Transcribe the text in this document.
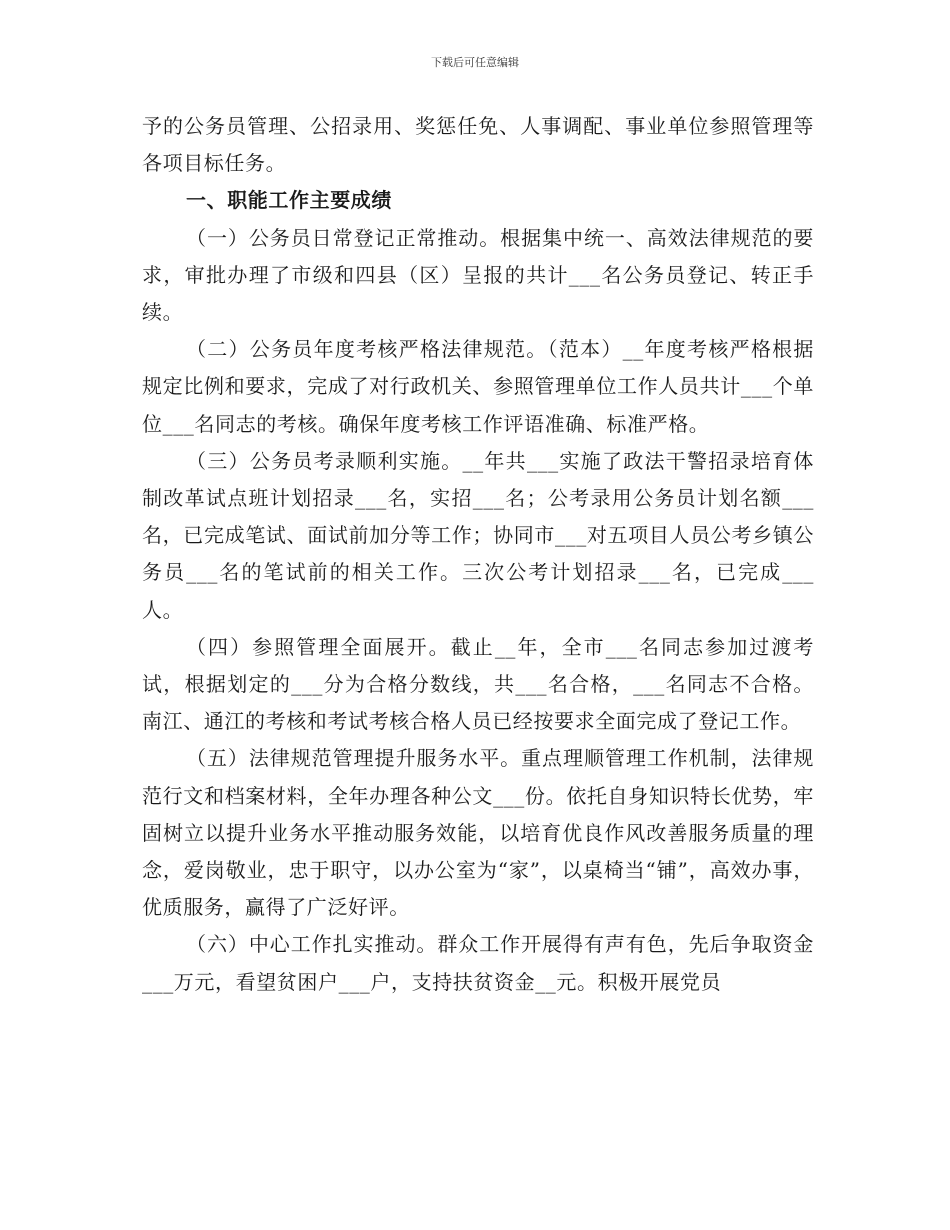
下载后可任意编辑

予的公务员管理、公招录用、奖惩任免、人事调配、事业单位参照管理等各项目标任务。

一、职能工作主要成绩

（一）公务员日常登记正常推动。根据集中统一、高效法律规范的要求，审批办理了市级和四县（区）呈报的共计___名公务员登记、转正手续。

（二）公务员年度考核严格法律规范。（范本）__年度考核严格根据规定比例和要求，完成了对行政机关、参照管理单位工作人员共计___个单位___名同志的考核。确保年度考核工作评语准确、标准严格。

（三）公务员考录顺利实施。__年共___实施了政法干警招录培育体制改革试点班计划招录___名，实招___名；公考录用公务员计划名额___名，已完成笔试、面试前加分等工作；协同市___对五项目人员公考乡镇公务员___名的笔试前的相关工作。三次公考计划招录___名，已完成___人。

（四）参照管理全面展开。截止__年，全市___名同志参加过渡考试，根据划定的___分为合格分数线，共___名合格，___名同志不合格。南江、通江的考核和考试考核合格人员已经按要求全面完成了登记工作。

（五）法律规范管理提升服务水平。重点理顺管理工作机制，法律规范行文和档案材料，全年办理各种公文___份。依托自身知识特长优势，牢固树立以提升业务水平推动服务效能，以培育优良作风改善服务质量的理念，爱岗敬业，忠于职守，以办公室为“家”，以桌椅当“铺”，高效办事，优质服务，赢得了广泛好评。

（六）中心工作扎实推动。群众工作开展得有声有色，先后争取资金___万元，看望贫困户___户，支持扶贫资金__元。积极开展党员
